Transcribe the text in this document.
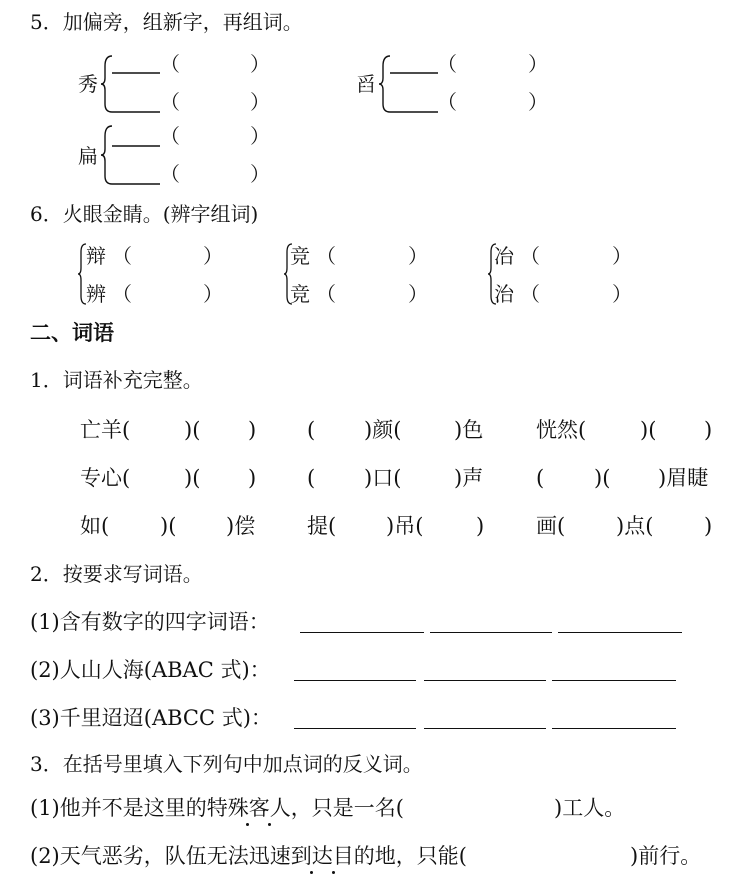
5．加偏旁，组新字，再组词。
秀
（	）
（	）
舀
（	）
（	）
扁
（	）
（	）
6．火眼金睛。(辨字组词)
辩 （	）
辨 （	）
竞 （	）
竞 （	）
冶 （	）
治 （	）
二、词语
1．词语补充完整。
亡羊(	)( ) ( )颜(	)色	恍然(	)( )
专心(	)( ) ( )口(	)声	( )( )眉睫
如( )( )偿 提( )吊(	) 画( )点( )
2．按要求写词语。
(1)含有数字的四字词语：
(2)人山人海(ABAC 式)：
(3)千里迢迢(ABCC 式)：
3．在括号里填入下列句中加点词的反义词。
(1)他并不是这里的特殊客人，只是一名(	)工人。
(2)天气恶劣，队伍无法迅速到达目的地，只能(	)前行。
